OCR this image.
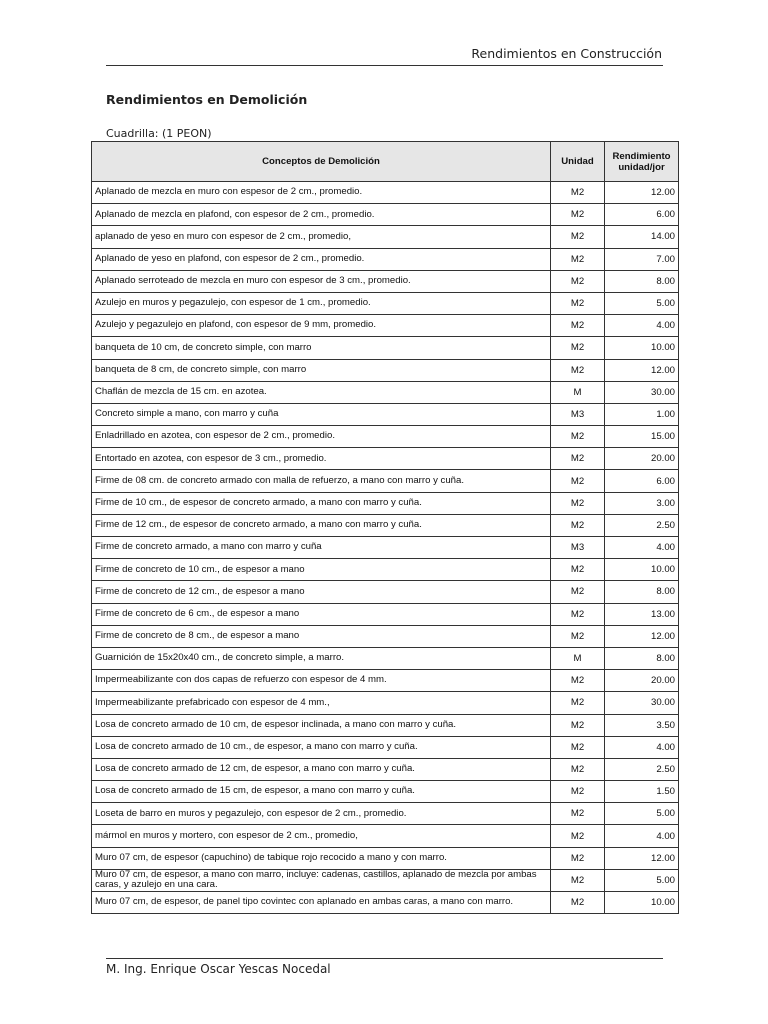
Rendimientos en Construcción
Rendimientos en Demolición
Cuadrilla: (1 PEON)
Conceptos de Demolición	Unidad	Rendimiento unidad/jor
Aplanado de mezcla en muro con espesor de 2 cm., promedio.	M2	12.00
Aplanado de mezcla en plafond, con espesor de 2 cm., promedio.	M2	6.00
aplanado de yeso en muro con espesor de 2 cm., promedio,	M2	14.00
Aplanado de yeso en plafond, con espesor de 2 cm., promedio.	M2	7.00
Aplanado serroteado de mezcla en muro con espesor de 3 cm., promedio.	M2	8.00
Azulejo en muros y pegazulejo, con espesor de 1 cm., promedio.	M2	5.00
Azulejo y pegazulejo en plafond, con espesor de 9 mm, promedio.	M2	4.00
banqueta de 10 cm, de concreto simple, con marro	M2	10.00
banqueta de 8 cm, de concreto simple, con marro	M2	12.00
Chaflán de mezcla de 15 cm. en azotea.	M	30.00
Concreto simple a mano, con marro y cuña	M3	1.00
Enladrillado en azotea, con espesor de 2 cm., promedio.	M2	15.00
Entortado en azotea, con espesor de 3 cm., promedio.	M2	20.00
Firme de 08 cm. de concreto armado con malla de refuerzo, a mano con marro y cuña.	M2	6.00
Firme de 10 cm., de espesor de concreto armado, a mano con marro y cuña.	M2	3.00
Firme de 12 cm., de espesor de concreto armado, a mano con marro y cuña.	M2	2.50
Firme de concreto armado, a mano con marro y cuña	M3	4.00
Firme de concreto de 10 cm., de espesor a mano	M2	10.00
Firme de concreto de 12 cm., de espesor a mano	M2	8.00
Firme de concreto de 6 cm., de espesor a mano	M2	13.00
Firme de concreto de 8 cm., de espesor a mano	M2	12.00
Guarnición de 15x20x40 cm., de concreto simple, a marro.	M	8.00
Impermeabilizante con dos capas de refuerzo con espesor de 4 mm.	M2	20.00
Impermeabilizante prefabricado con espesor de 4 mm.,	M2	30.00
Losa de concreto armado de 10 cm, de espesor inclinada, a mano con marro y cuña.	M2	3.50
Losa de concreto armado de 10 cm., de espesor, a mano con marro y cuña.	M2	4.00
Losa de concreto armado de 12 cm, de espesor, a mano con marro y cuña.	M2	2.50
Losa de concreto armado de 15 cm, de espesor, a mano con marro y cuña.	M2	1.50
Loseta de barro en muros y pegazulejo, con espesor de 2 cm., promedio.	M2	5.00
mármol en muros y mortero, con espesor de 2 cm., promedio,	M2	4.00
Muro 07 cm, de espesor (capuchino) de tabique rojo recocido a mano y con marro.	M2	12.00
Muro 07 cm, de espesor, a mano con marro, incluye: cadenas, castillos, aplanado de mezcla por ambas caras, y azulejo en una cara.	M2	5.00
Muro 07 cm, de espesor, de panel tipo covintec con aplanado en ambas caras, a mano con marro.	M2	10.00
M. Ing. Enrique Oscar Yescas Nocedal
